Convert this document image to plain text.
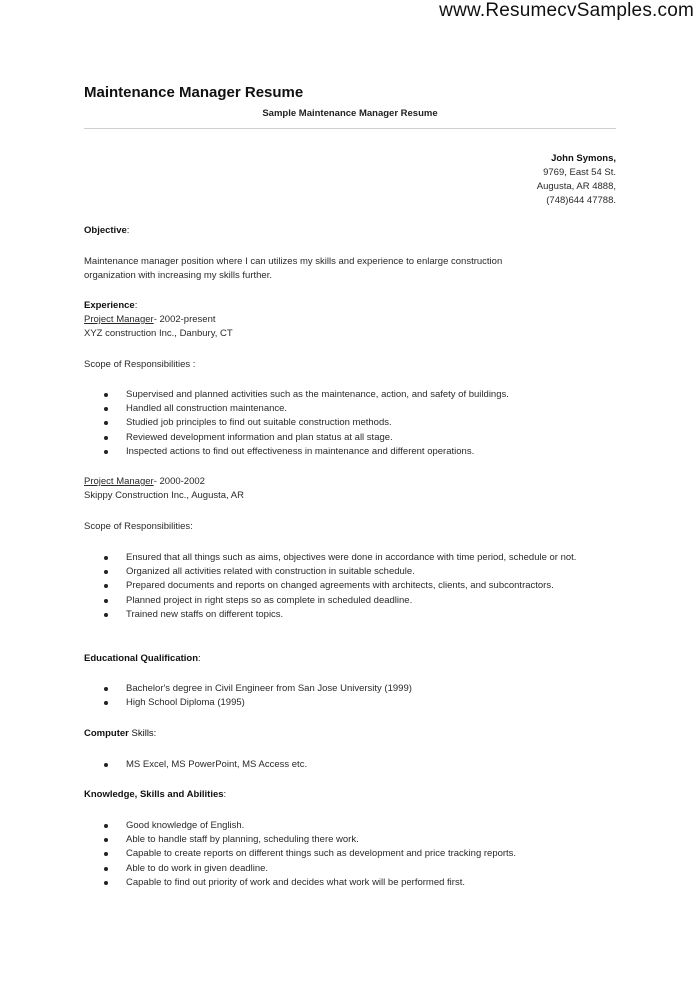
www.ResumecvSamples.com
Maintenance Manager Resume
Sample Maintenance Manager Resume
John Symons,
9769, East 54 St.
Augusta, AR 4888,
(748)644 47788.
Objective:
Maintenance manager position where I can utilizes my skills and experience to enlarge construction
organization with increasing my skills further.
Experience:
Project Manager- 2002-present
XYZ construction Inc., Danbury, CT
Scope of Responsibilities :
Supervised and planned activities such as the maintenance, action, and safety of buildings.
Handled all construction maintenance.
Studied job principles to find out suitable construction methods.
Reviewed development information and plan status at all stage.
Inspected actions to find out effectiveness in maintenance and different operations.
Project Manager- 2000-2002
Skippy Construction Inc., Augusta, AR
Scope of Responsibilities:
Ensured that all things such as aims, objectives were done in accordance with time period, schedule or not.
Organized all activities related with construction in suitable schedule.
Prepared documents and reports on changed agreements with architects, clients, and subcontractors.
Planned project in right steps so as complete in scheduled deadline.
Trained new staffs on different topics.
Educational Qualification:
Bachelor's degree in Civil Engineer from San Jose University (1999)
High School Diploma (1995)
Computer Skills:
MS Excel, MS PowerPoint, MS Access etc.
Knowledge, Skills and Abilities:
Good knowledge of English.
Able to handle staff by planning, scheduling there work.
Capable to create reports on different things such as development and price tracking reports.
Able to do work in given deadline.
Capable to find out priority of work and decides what work will be performed first.
